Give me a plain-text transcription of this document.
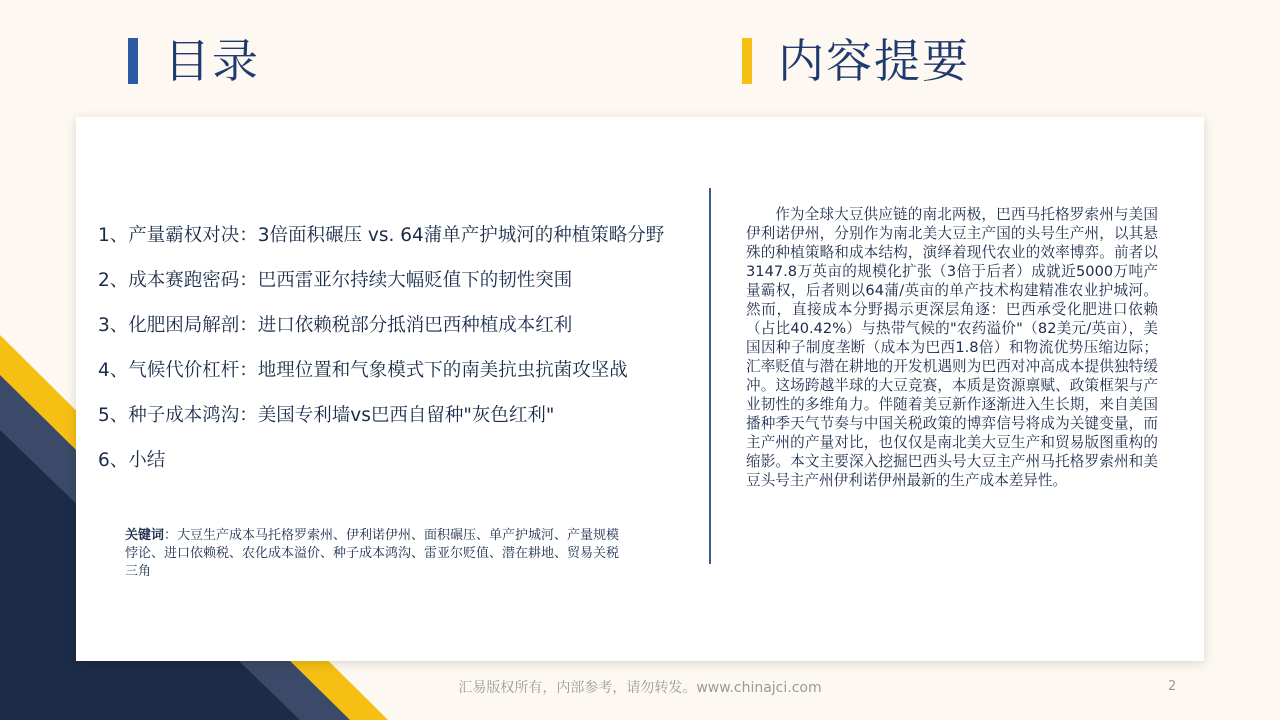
目录	内容提要
1、产量霸权对决：3倍面积碾压 vs. 64蒲单产护城河的种植策略分野
2、成本赛跑密码：巴西雷亚尔持续大幅贬值下的韧性突围
3、化肥困局解剖：进口依赖税部分抵消巴西种植成本红利
4、气候代价杠杆：地理位置和气象模式下的南美抗虫抗菌攻坚战
5、种子成本鸿沟：美国专利墙vs巴西自留种"灰色红利"
6、小结
关键词：大豆生产成本马托格罗索州、伊利诺伊州、面积碾压、单产护城河、产量规模悖论、进口依赖税、农化成本溢价、种子成本鸿沟、雷亚尔贬值、潜在耕地、贸易关税三角

作为全球大豆供应链的南北两极，巴西马托格罗索州与美国伊利诺伊州，分别作为南北美大豆主产国的头号生产州，以其悬殊的种植策略和成本结构，演绎着现代农业的效率博弈。前者以3147.8万英亩的规模化扩张（3倍于后者）成就近5000万吨产量霸权，后者则以64蒲/英亩的单产技术构建精准农业护城河。然而，直接成本分野揭示更深层角逐：巴西承受化肥进口依赖（占比40.42%）与热带气候的"农药溢价"（82美元/英亩），美国因种子制度垄断（成本为巴西1.8倍）和物流优势压缩边际；汇率贬值与潜在耕地的开发机遇则为巴西对冲高成本提供独特缓冲。这场跨越半球的大豆竞赛，本质是资源禀赋、政策框架与产业韧性的多维角力。伴随着美豆新作逐渐进入生长期，来自美国播种季天气节奏与中国关税政策的博弈信号将成为关键变量，而主产州的产量对比，也仅仅是南北美大豆生产和贸易版图重构的缩影。本文主要深入挖掘巴西头号大豆主产州马托格罗索州和美豆头号主产州伊利诺伊州最新的生产成本差异性。

汇易版权所有，内部参考，请勿转发。www.chinajci.com	2
